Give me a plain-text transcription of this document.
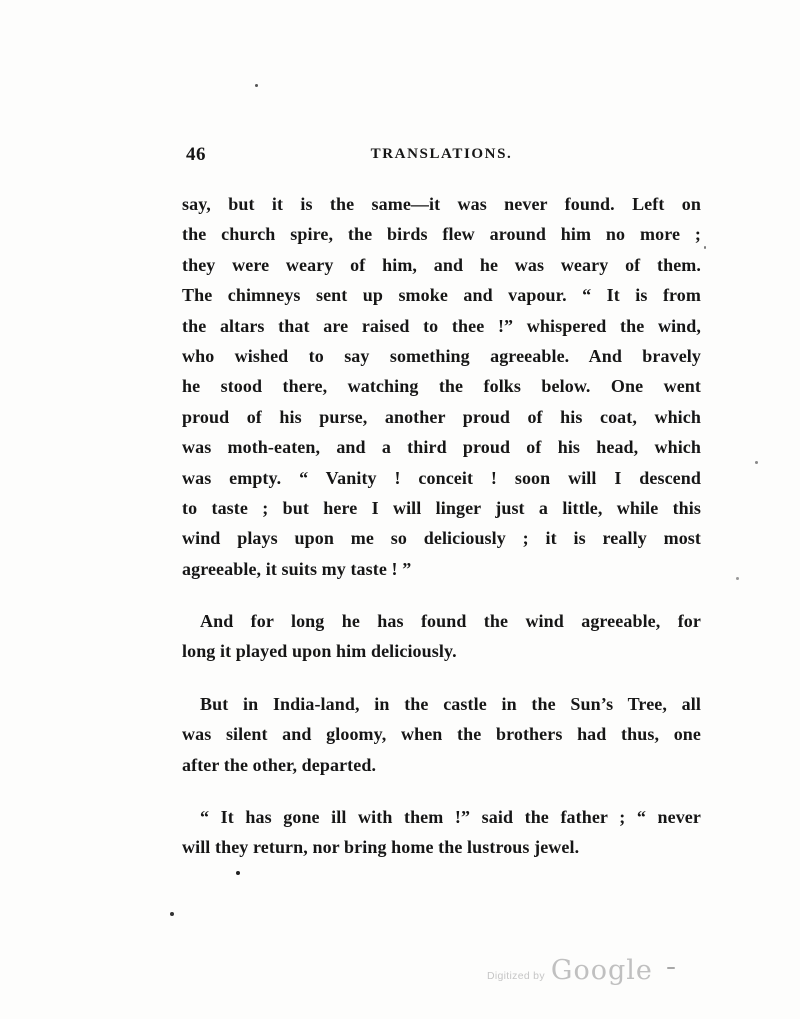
46	TRANSLATIONS.
say, but it is the same—it was never found. Left on
the church spire, the birds flew around him no more ;
they were weary of him, and he was weary of them.
The chimneys sent up smoke and vapour. “ It is from
the altars that are raised to thee !” whispered the wind,
who wished to say something agreeable. And bravely
he stood there, watching the folks below. One went
proud of his purse, another proud of his coat, which
was moth-eaten, and a third proud of his head, which
was empty. “ Vanity ! conceit ! soon will I descend
to taste ; but here I will linger just a little, while this
wind plays upon me so deliciously ; it is really most
agreeable, it suits my taste ! ”
And for long he has found the wind agreeable, for
long it played upon him deliciously.
But in India-land, in the castle in the Sun’s Tree, all
was silent and gloomy, when the brothers had thus, one
after the other, departed.
“ It has gone ill with them !” said the father ; “ never
will they return, nor bring home the lustrous jewel.
Digitized by Google
